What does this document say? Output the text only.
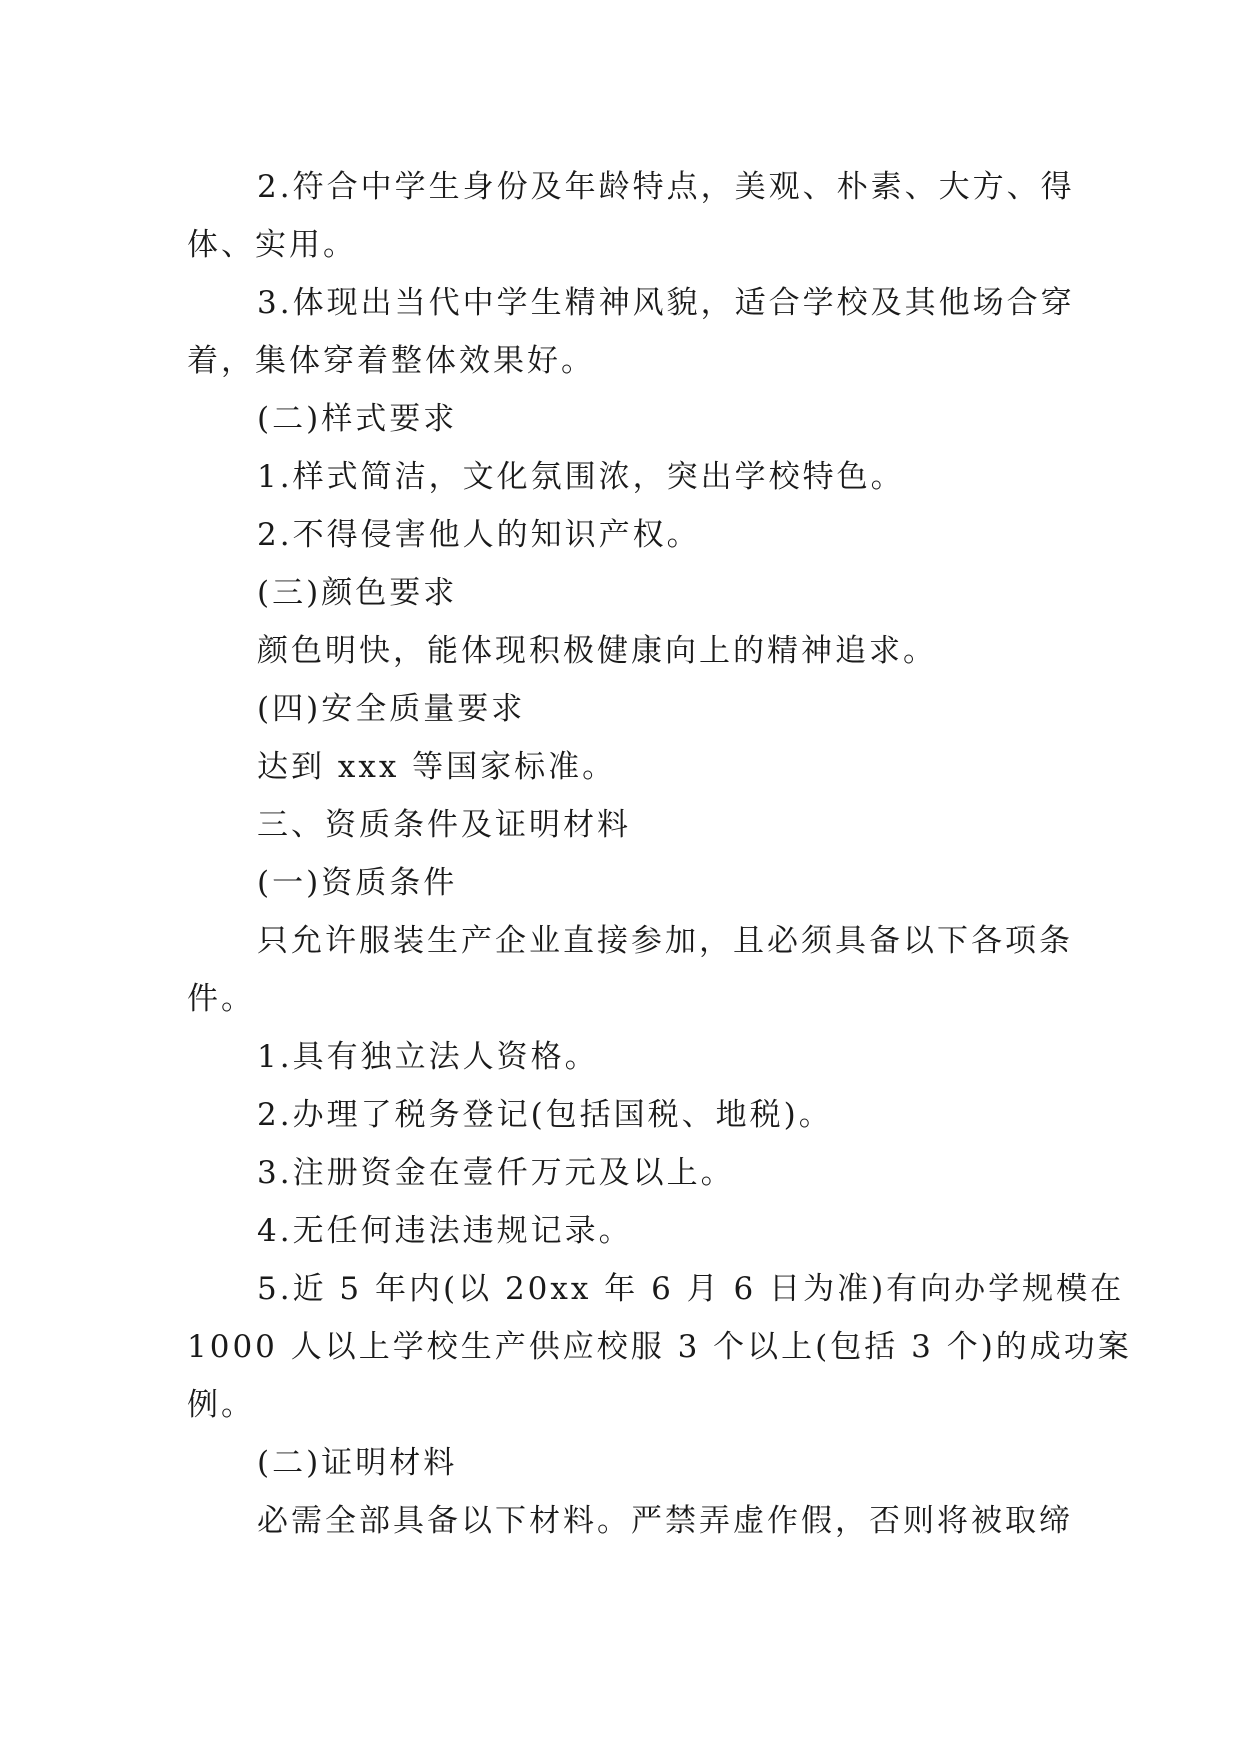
2.符合中学生身份及年龄特点，美观、朴素、大方、得
体、实用。
3.体现出当代中学生精神风貌，适合学校及其他场合穿
着，集体穿着整体效果好。
(二)样式要求
1.样式简洁，文化氛围浓，突出学校特色。
2.不得侵害他人的知识产权。
(三)颜色要求
颜色明快，能体现积极健康向上的精神追求。
(四)安全质量要求
达到 xxx 等国家标准。
三、资质条件及证明材料
(一)资质条件
只允许服装生产企业直接参加，且必须具备以下各项条
件。
1.具有独立法人资格。
2.办理了税务登记(包括国税、地税)。
3.注册资金在壹仟万元及以上。
4.无任何违法违规记录。
5.近 5 年内(以 20xx 年 6 月 6 日为准)有向办学规模在
1000 人以上学校生产供应校服 3 个以上(包括 3 个)的成功案
例。
(二)证明材料
必需全部具备以下材料。严禁弄虚作假，否则将被取缔
